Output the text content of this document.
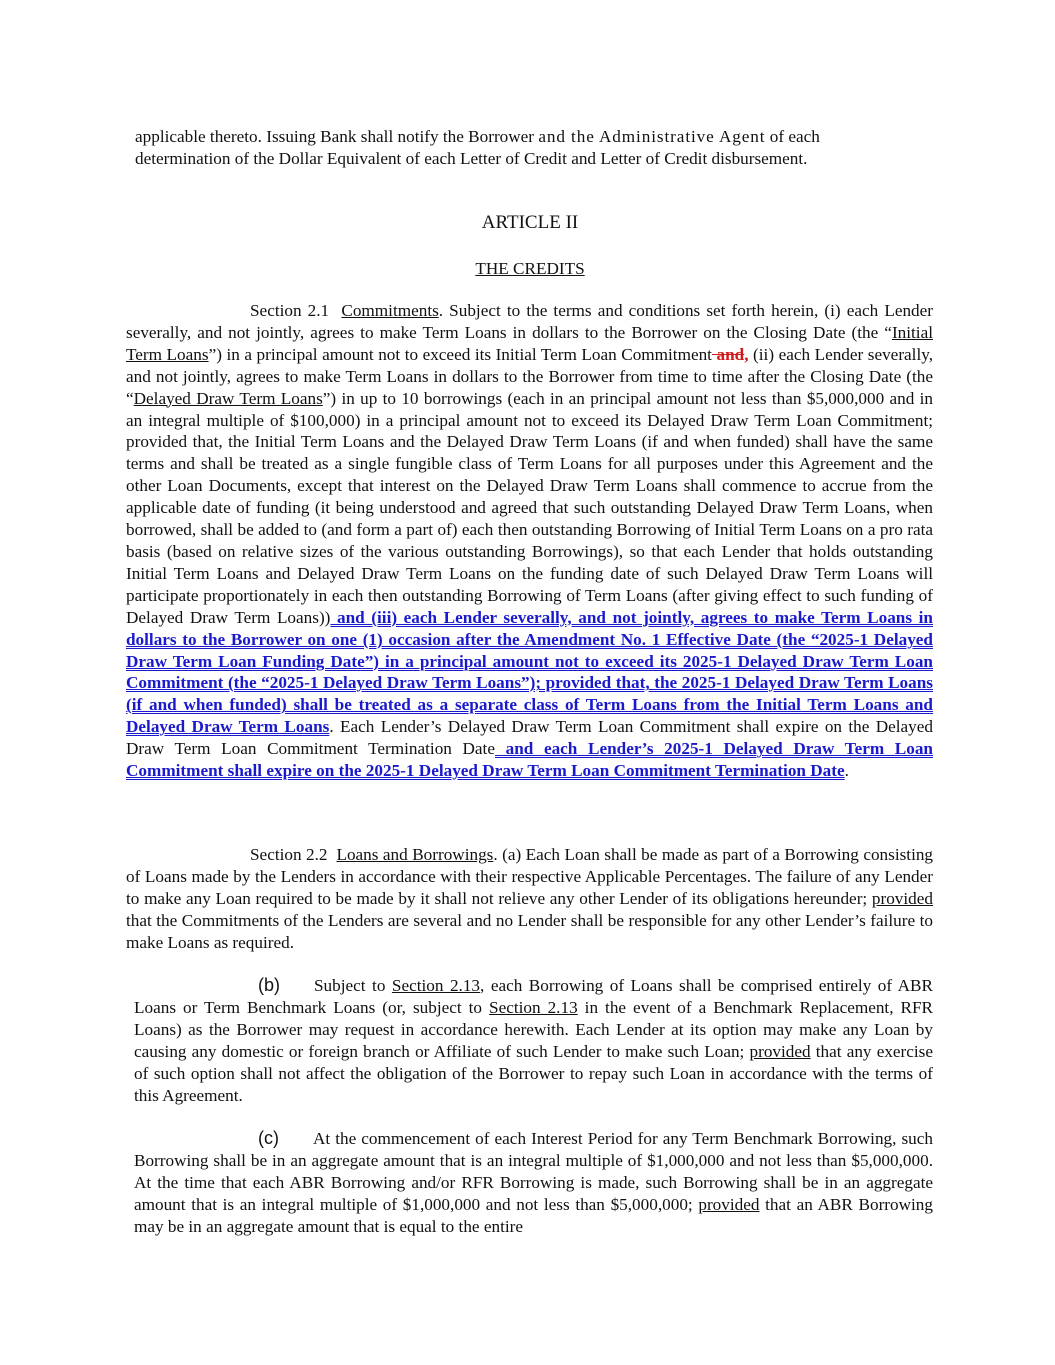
applicable thereto. Issuing Bank shall notify the Borrower and the Administrative Agent of each determination of the Dollar Equivalent of each Letter of Credit and Letter of Credit disbursement.

ARTICLE II
THE CREDITS

Section 2.1 Commitments. Subject to the terms and conditions set forth herein, (i) each Lender severally, and not jointly, agrees to make Term Loans in dollars to the Borrower on the Closing Date (the “Initial Term Loans”) in a principal amount not to exceed its Initial Term Loan Commitment and, (ii) each Lender severally, and not jointly, agrees to make Term Loans in dollars to the Borrower from time to time after the Closing Date (the “Delayed Draw Term Loans”) in up to 10 borrowings (each in an principal amount not less than $5,000,000 and in an integral multiple of $100,000) in a principal amount not to exceed its Delayed Draw Term Loan Commitment; provided that, the Initial Term Loans and the Delayed Draw Term Loans (if and when funded) shall have the same terms and shall be treated as a single fungible class of Term Loans for all purposes under this Agreement and the other Loan Documents, except that interest on the Delayed Draw Term Loans shall commence to accrue from the applicable date of funding (it being understood and agreed that such outstanding Delayed Draw Term Loans, when borrowed, shall be added to (and form a part of) each then outstanding Borrowing of Initial Term Loans on a pro rata basis (based on relative sizes of the various outstanding Borrowings), so that each Lender that holds outstanding Initial Term Loans and Delayed Draw Term Loans on the funding date of such Delayed Draw Term Loans will participate proportionately in each then outstanding Borrowing of Term Loans (after giving effect to such funding of Delayed Draw Term Loans)) and (iii) each Lender severally, and not jointly, agrees to make Term Loans in dollars to the Borrower on one (1) occasion after the Amendment No. 1 Effective Date (the “2025-1 Delayed Draw Term Loan Funding Date”) in a principal amount not to exceed its 2025-1 Delayed Draw Term Loan Commitment (the “2025-1 Delayed Draw Term Loans”); provided that, the 2025-1 Delayed Draw Term Loans (if and when funded) shall be treated as a separate class of Term Loans from the Initial Term Loans and Delayed Draw Term Loans. Each Lender’s Delayed Draw Term Loan Commitment shall expire on the Delayed Draw Term Loan Commitment Termination Date and each Lender’s 2025-1 Delayed Draw Term Loan Commitment shall expire on the 2025-1 Delayed Draw Term Loan Commitment Termination Date.

Section 2.2 Loans and Borrowings. (a) Each Loan shall be made as part of a Borrowing consisting of Loans made by the Lenders in accordance with their respective Applicable Percentages. The failure of any Lender to make any Loan required to be made by it shall not relieve any other Lender of its obligations hereunder; provided that the Commitments of the Lenders are several and no Lender shall be responsible for any other Lender’s failure to make Loans as required.

(b) Subject to Section 2.13, each Borrowing of Loans shall be comprised entirely of ABR Loans or Term Benchmark Loans (or, subject to Section 2.13 in the event of a Benchmark Replacement, RFR Loans) as the Borrower may request in accordance herewith. Each Lender at its option may make any Loan by causing any domestic or foreign branch or Affiliate of such Lender to make such Loan; provided that any exercise of such option shall not affect the obligation of the Borrower to repay such Loan in accordance with the terms of this Agreement.

(c) At the commencement of each Interest Period for any Term Benchmark Borrowing, such Borrowing shall be in an aggregate amount that is an integral multiple of $1,000,000 and not less than $5,000,000. At the time that each ABR Borrowing and/or RFR Borrowing is made, such Borrowing shall be in an aggregate amount that is an integral multiple of $1,000,000 and not less than $5,000,000; provided that an ABR Borrowing may be in an aggregate amount that is equal to the entire
